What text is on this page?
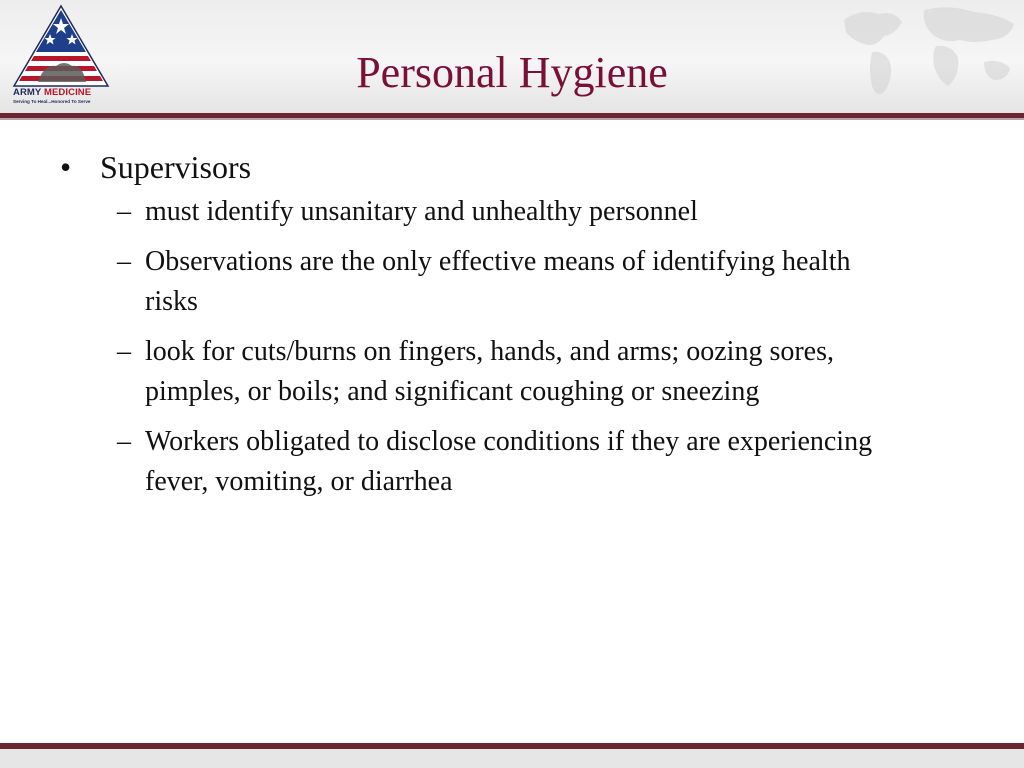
ARMY MEDICINE
Serving To Heal...Honored To Serve
Personal Hygiene
• Supervisors
– must identify unsanitary and unhealthy personnel
– Observations are the only effective means of identifying health risks
– look for cuts/burns on fingers, hands, and arms; oozing sores, pimples, or boils; and significant coughing or sneezing
– Workers obligated to disclose conditions if they are experiencing fever, vomiting, or diarrhea
